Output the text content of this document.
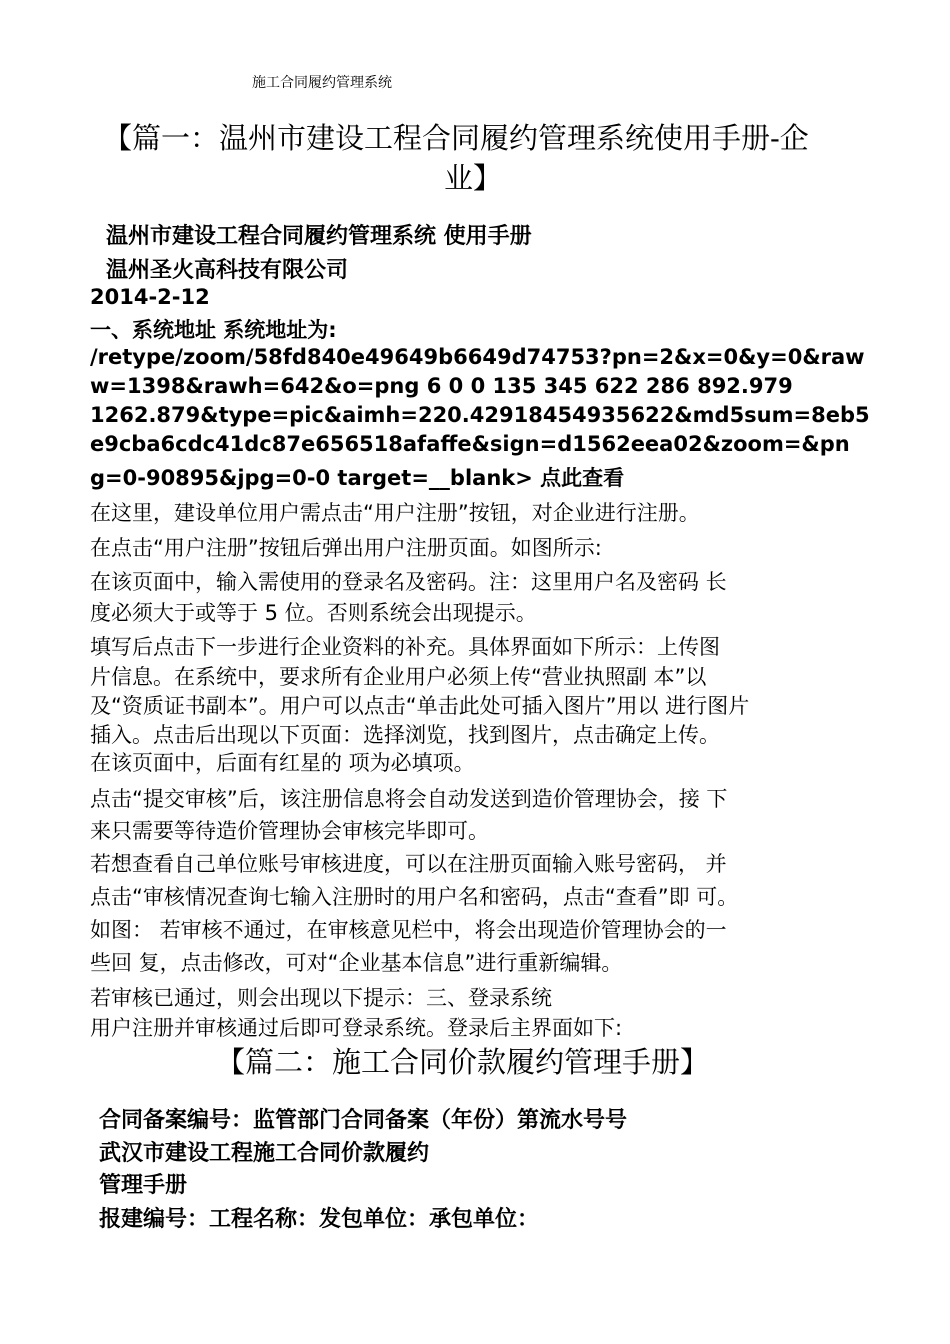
施工合同履约管理系统
【篇一：温州市建设工程合同履约管理系统使用手册-企
业】
温州市建设工程合同履约管理系统 使用手册
温州圣火高科技有限公司
2014-2-12
一、系统地址 系统地址为:
/retype/zoom/58fd840e49649b6649d74753?pn=2&x=0&y=0&raw
w=1398&rawh=642&o=png 6 0 0 135 345 622 286 892.979
1262.879&type=pic&aimh=220.42918454935622&md5sum=8eb5
e9cba6cdc41dc87e656518afaffe&sign=d1562eea02&zoom=&pn
g=0-90895&jpg=0-0 target=__blank> 点此查看
在这里，建设单位用户需点击“用户注册”按钮，对企业进行注册。
在点击“用户注册”按钮后弹出用户注册页面。如图所示:
在该页面中，输入需使用的登录名及密码。注：这里用户名及密码 长
度必须大于或等于 5 位。否则系统会出现提示。
填写后点击下一步进行企业资料的补充。具体界面如下所示：上传图
片信息。在系统中，要求所有企业用户必须上传“营业执照副 本”以
及“资质证书副本”。用户可以点击“单击此处可插入图片”用以 进行图片
插入。点击后出现以下页面：选择浏览，找到图片，点击确定上传。
在该页面中，后面有红星的 项为必填项。
点击“提交审核”后，该注册信息将会自动发送到造价管理协会，接 下
来只需要等待造价管理协会审核完毕即可。
若想查看自己单位账号审核进度，可以在注册页面输入账号密码， 并
点击“审核情况查询七输入注册时的用户名和密码，点击“查看”即 可。
如图： 若审核不通过，在审核意见栏中，将会出现造价管理协会的一
些回 复，点击修改，可对“企业基本信息”进行重新编辑。
若审核已通过，则会出现以下提示：三、登录系统
用户注册并审核通过后即可登录系统。登录后主界面如下:
【篇二：施工合同价款履约管理手册】
合同备案编号：监管部门合同备案（年份）第流水号号
武汉市建设工程施工合同价款履约
管理手册
报建编号：工程名称：发包单位：承包单位：
